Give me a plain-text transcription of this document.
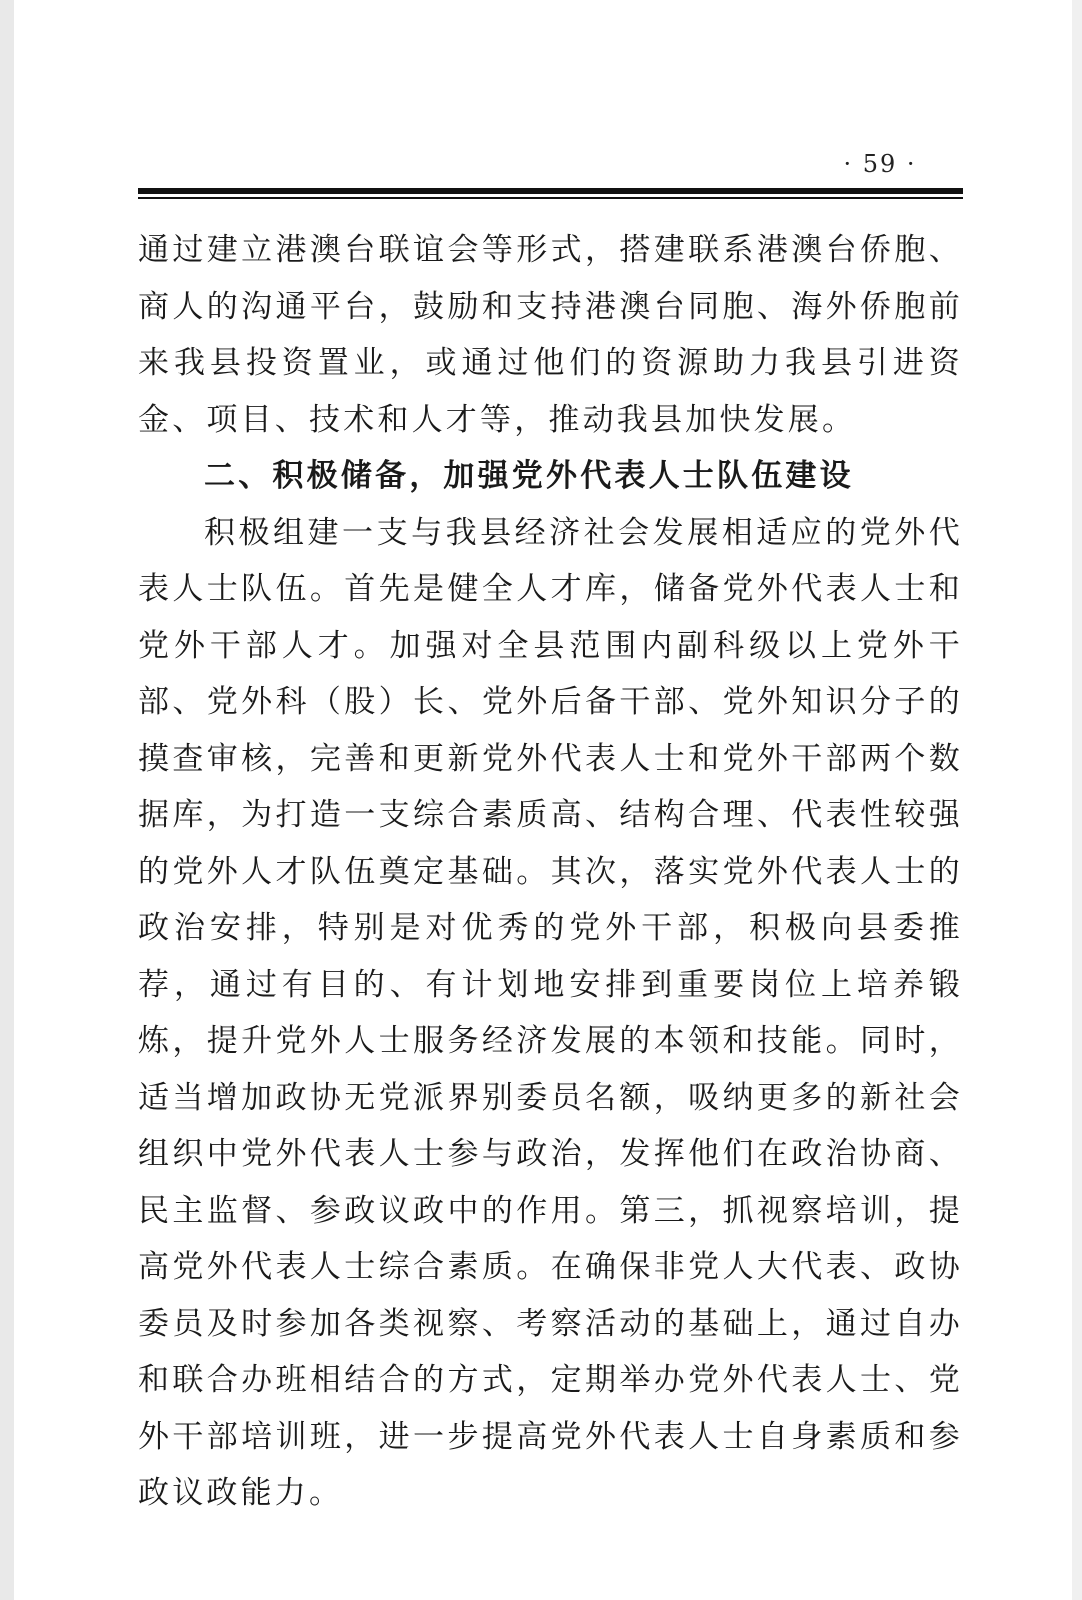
· 59 ·

通过建立港澳台联谊会等形式，搭建联系港澳台侨胞、商人的沟通平台，鼓励和支持港澳台同胞、海外侨胞前来我县投资置业，或通过他们的资源助力我县引进资金、项目、技术和人才等，推动我县加快发展。

二、积极储备，加强党外代表人士队伍建设

积极组建一支与我县经济社会发展相适应的党外代表人士队伍。首先是健全人才库，储备党外代表人士和党外干部人才。加强对全县范围内副科级以上党外干部、党外科（股）长、党外后备干部、党外知识分子的摸查审核，完善和更新党外代表人士和党外干部两个数据库，为打造一支综合素质高、结构合理、代表性较强的党外人才队伍奠定基础。其次，落实党外代表人士的政治安排，特别是对优秀的党外干部，积极向县委推荐，通过有目的、有计划地安排到重要岗位上培养锻炼，提升党外人士服务经济发展的本领和技能。同时，适当增加政协无党派界别委员名额，吸纳更多的新社会组织中党外代表人士参与政治，发挥他们在政治协商、民主监督、参政议政中的作用。第三，抓视察培训，提高党外代表人士综合素质。在确保非党人大代表、政协委员及时参加各类视察、考察活动的基础上，通过自办和联合办班相结合的方式，定期举办党外代表人士、党外干部培训班，进一步提高党外代表人士自身素质和参政议政能力。
